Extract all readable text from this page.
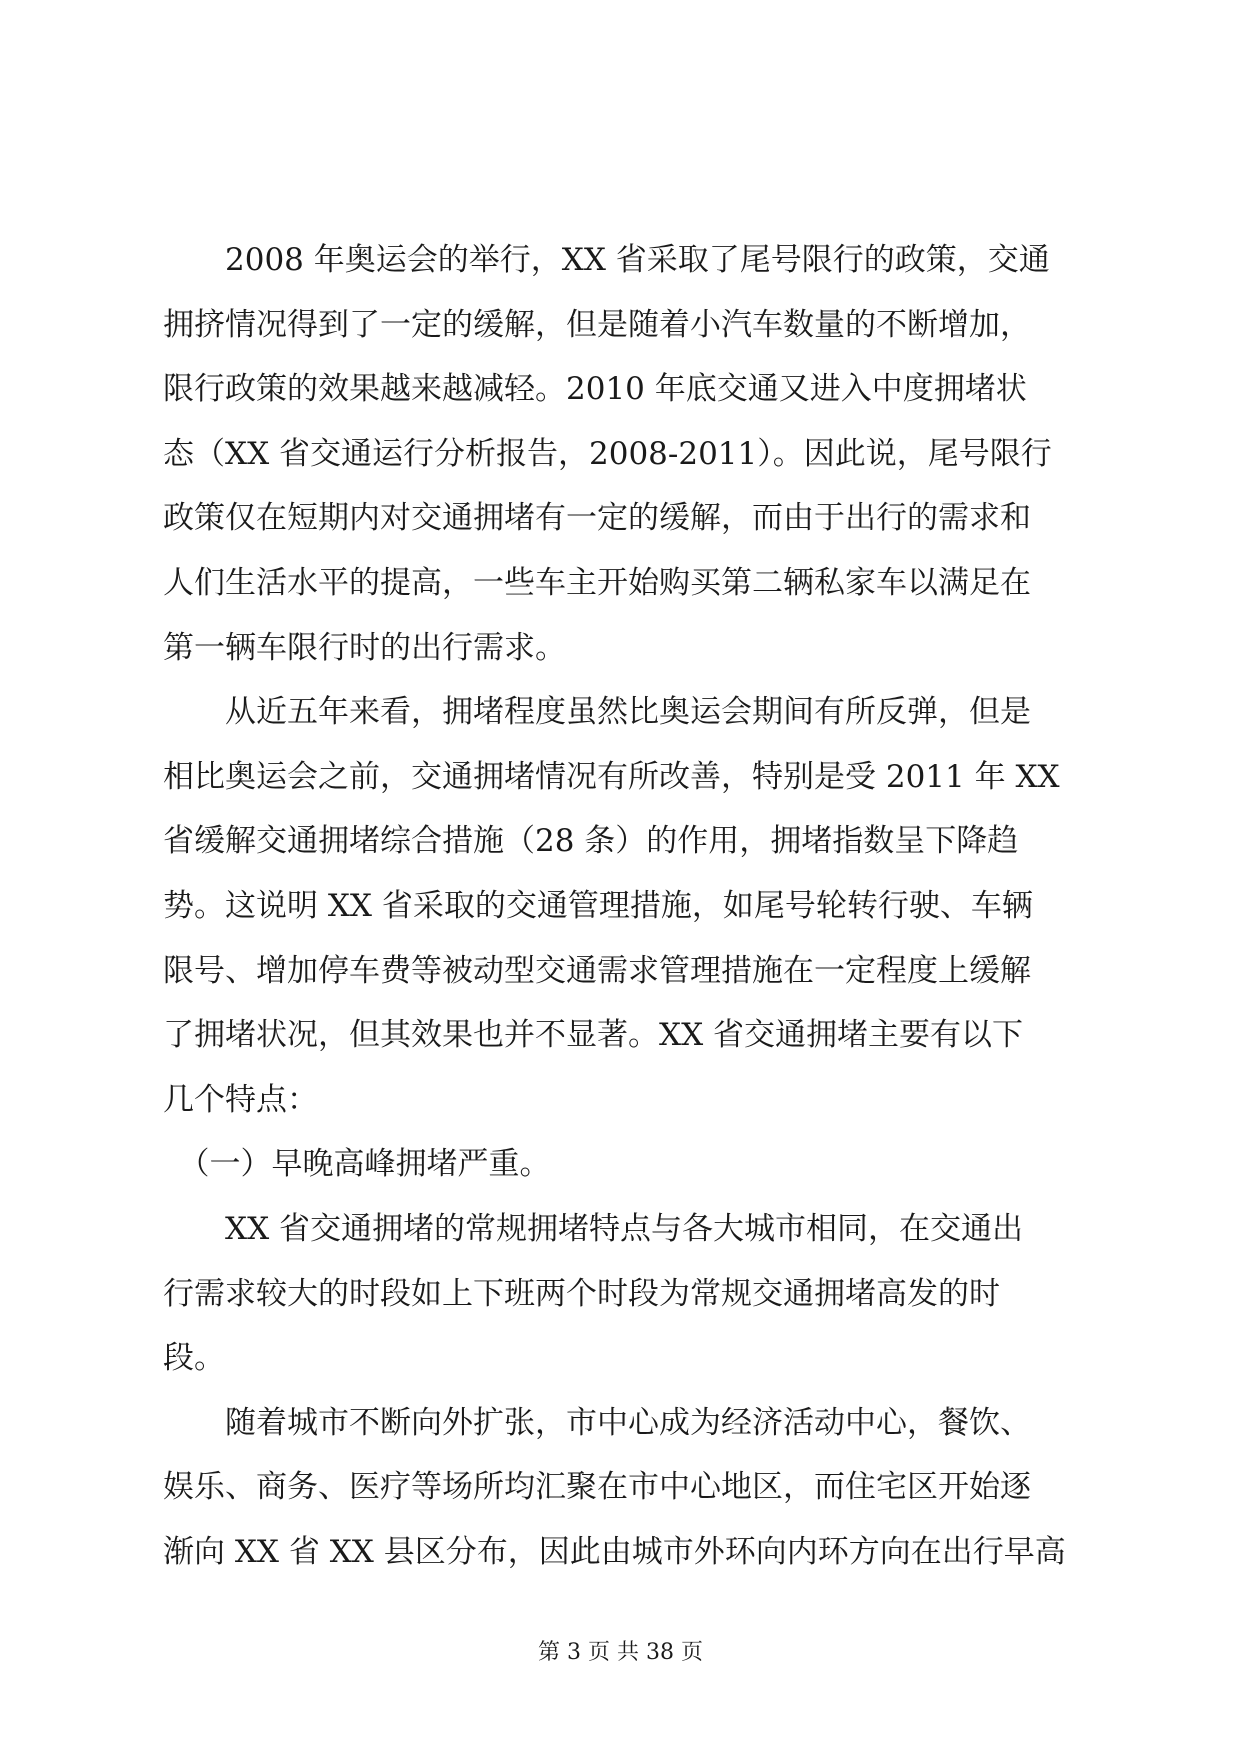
　　2008 年奥运会的举行，XX 省采取了尾号限行的政策，交通
拥挤情况得到了一定的缓解，但是随着小汽车数量的不断增加，
限行政策的效果越来越减轻。2010 年底交通又进入中度拥堵状
态（XX 省交通运行分析报告，2008-2011）。因此说，尾号限行
政策仅在短期内对交通拥堵有一定的缓解，而由于出行的需求和
人们生活水平的提高，一些车主开始购买第二辆私家车以满足在
第一辆车限行时的出行需求。
　　从近五年来看，拥堵程度虽然比奥运会期间有所反弹，但是
相比奥运会之前，交通拥堵情况有所改善，特别是受 2011 年 XX
省缓解交通拥堵综合措施（28 条）的作用，拥堵指数呈下降趋
势。这说明 XX 省采取的交通管理措施，如尾号轮转行驶、车辆
限号、增加停车费等被动型交通需求管理措施在一定程度上缓解
了拥堵状况，但其效果也并不显著。XX 省交通拥堵主要有以下
几个特点：
　（一）早晚高峰拥堵严重。
　　XX 省交通拥堵的常规拥堵特点与各大城市相同，在交通出
行需求较大的时段如上下班两个时段为常规交通拥堵高发的时
段。
　　随着城市不断向外扩张，市中心成为经济活动中心，餐饮、
娱乐、商务、医疗等场所均汇聚在市中心地区，而住宅区开始逐
渐向 XX 省 XX 县区分布，因此由城市外环向内环方向在出行早高
第 3 页 共 38 页
